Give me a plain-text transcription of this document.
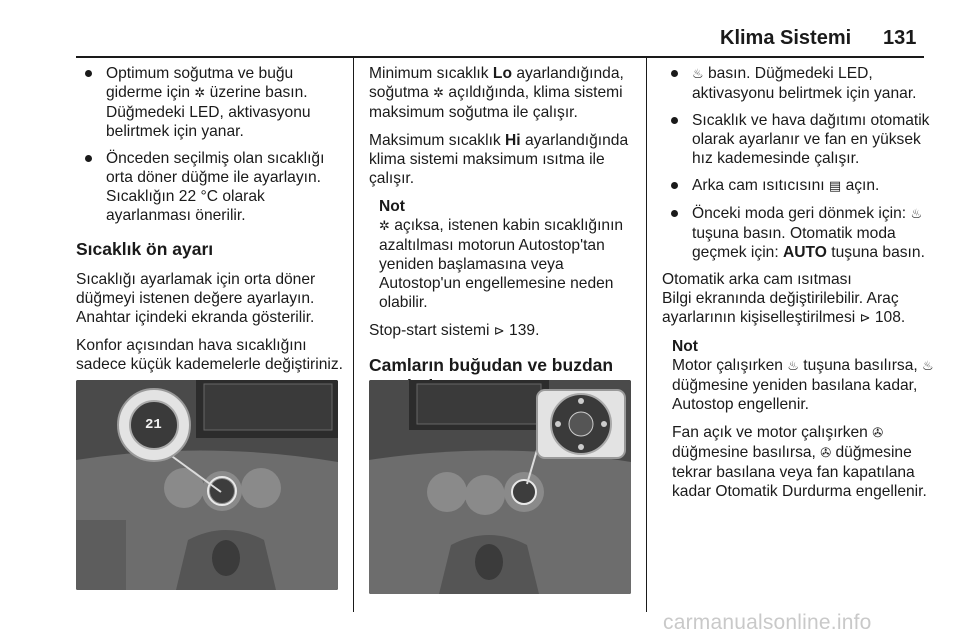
Klima Sistemi 131
Optimum soğutma ve buğu giderme için ✲ üzerine basın. Düğmedeki LED, aktivasyonu belirtmek için yanar.
Önceden seçilmiş olan sıcaklığı orta döner düğme ile ayarlayın. Sıcaklığın 22 °C olarak ayarlanması önerilir.
Sıcaklık ön ayarı

Sıcaklığı ayarlamak için orta döner düğmeyi istenen değere ayarlayın. Anahtar içindeki ekranda gösterilir.

Konfor açısından hava sıcaklığını sadece küçük kademelerle değiştiriniz.

21

Minimum sıcaklık Lo ayarlandığında, soğutma ✲ açıldığında, klima sistemi maksimum soğutma ile çalışır.

Maksimum sıcaklık Hi ayarlandığında klima sistemi maksimum ısıtma ile çalışır.

Not
✲ açıksa, istenen kabin sıcaklığının azaltılması motorun Autostop'tan yeniden başlamasına veya Autostop'un engellemesine neden olabilir.

Stop-start sistemi ⊳ 139.

Camların buğudan ve buzdan
♨ basın. Düğmedeki LED, aktivasyonu belirtmek için yanar.
Sıcaklık ve hava dağıtımı otomatik olarak ayarlanır ve fan en yüksek hız kademesinde çalışır.
Arka cam ısıtıcısını ▤ açın.
Önceki moda geri dönmek için: ♨ tuşuna basın. Otomatik moda geçmek için: AUTO tuşuna basın.
Otomatik arka cam ısıtması

Bilgi ekranında değiştirilebilir. Araç ayarlarının kişiselleştirilmesi ⊳ 108.

Not

Motor çalışırken ♨ tuşuna basılırsa, ♨ düğmesine yeniden basılana kadar, Autostop engellenir.

Fan açık ve motor çalışırken ✇ düğmesine basılırsa, ✇ düğmesine tekrar basılana veya fan kapatılana kadar Otomatik Durdurma engellenir.

carmanualsonline.info
